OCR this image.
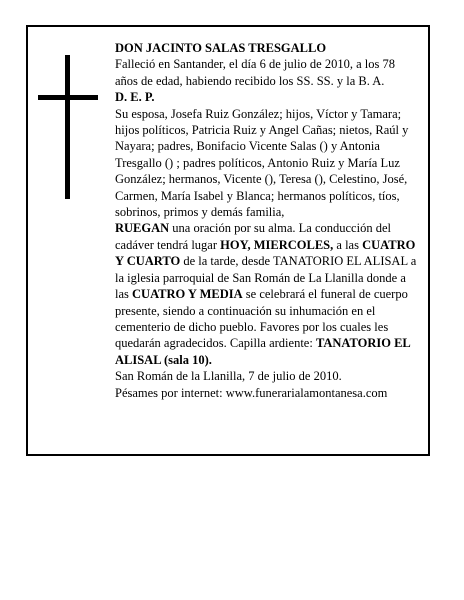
DON JACINTO SALAS TRESGALLO

Falleció en Santander, el día 6 de julio de 2010, a los 78 años de edad, habiendo recibido los SS. SS. y la B. A.

D. E. P.

Su esposa, Josefa Ruiz González; hijos, Víctor y Tamara; hijos políticos, Patricia Ruiz y Angel Cañas; nietos, Raúl y Nayara; padres, Bonifacio Vicente Salas () y Antonia Tresgallo () ; padres políticos, Antonio Ruiz y María Luz González; hermanos, Vicente (), Teresa (), Celestino, José, Carmen, María Isabel y Blanca; hermanos políticos, tíos, sobrinos, primos y demás familia,

RUEGAN una oración por su alma. La conducción del cadáver tendrá lugar HOY, MIERCOLES, a las CUATRO Y CUARTO de la tarde, desde TANATORIO EL ALISAL a la iglesia parroquial de San Román de La Llanilla donde a las CUATRO Y MEDIA se celebrará el funeral de cuerpo presente, siendo a continuación su inhumación en el cementerio de dicho pueblo. Favores por los cuales les quedarán agradecidos. Capilla ardiente: TANATORIO EL ALISAL (sala 10).

San Román de la Llanilla, 7 de julio de 2010.

Pésames por internet: www.funerarialamontanesa.com
